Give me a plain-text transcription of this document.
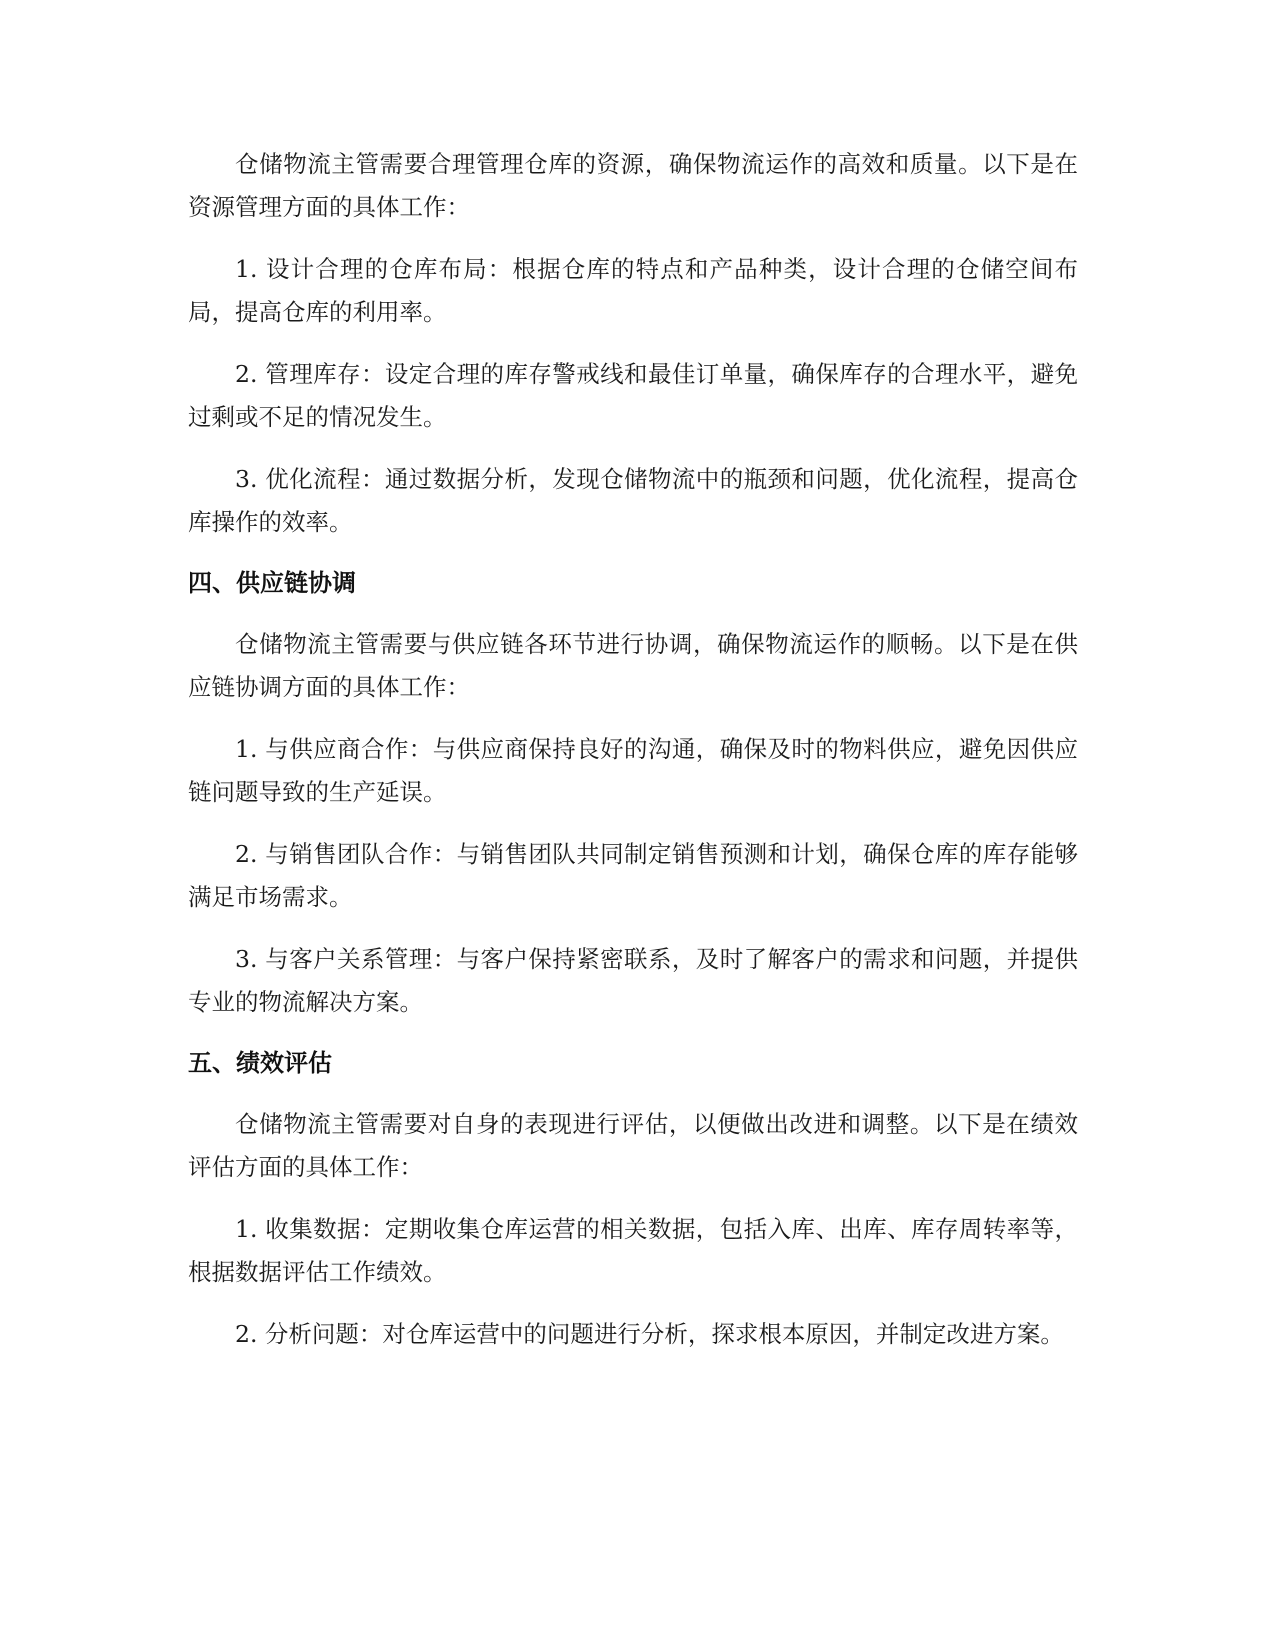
仓储物流主管需要合理管理仓库的资源，确保物流运作的高效和质量。以下是在资源管理方面的具体工作：

1. 设计合理的仓库布局：根据仓库的特点和产品种类，设计合理的仓储空间布局，提高仓库的利用率。

2. 管理库存：设定合理的库存警戒线和最佳订单量，确保库存的合理水平，避免过剩或不足的情况发生。

3. 优化流程：通过数据分析，发现仓储物流中的瓶颈和问题，优化流程，提高仓库操作的效率。

四、供应链协调

仓储物流主管需要与供应链各环节进行协调，确保物流运作的顺畅。以下是在供应链协调方面的具体工作：

1. 与供应商合作：与供应商保持良好的沟通，确保及时的物料供应，避免因供应链问题导致的生产延误。

2. 与销售团队合作：与销售团队共同制定销售预测和计划，确保仓库的库存能够满足市场需求。

3. 与客户关系管理：与客户保持紧密联系，及时了解客户的需求和问题，并提供专业的物流解决方案。

五、绩效评估

仓储物流主管需要对自身的表现进行评估，以便做出改进和调整。以下是在绩效评估方面的具体工作：

1. 收集数据：定期收集仓库运营的相关数据，包括入库、出库、库存周转率等，根据数据评估工作绩效。

2. 分析问题：对仓库运营中的问题进行分析，探求根本原因，并制定改进方案。
